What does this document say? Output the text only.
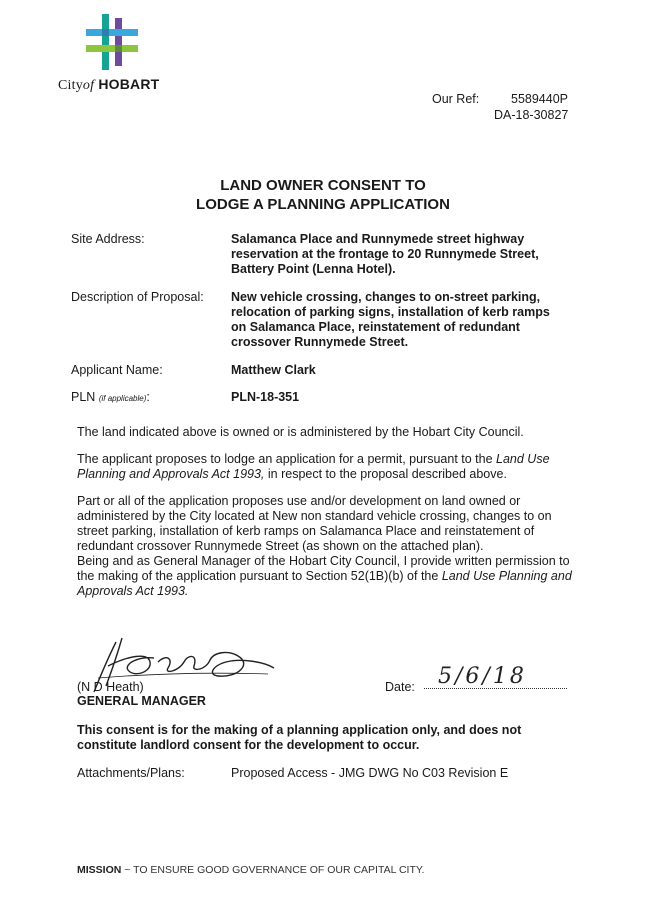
Cityof HOBART
Our Ref:	5589440P
DA-18-30827
LAND OWNER CONSENT TO
LODGE A PLANNING APPLICATION
Site Address:	Salamanca Place and Runnymede street highway reservation at the frontage to 20 Runnymede Street, Battery Point (Lenna Hotel).
Description of Proposal: New vehicle crossing, changes to on-street parking, relocation of parking signs, installation of kerb ramps on Salamanca Place, reinstatement of redundant crossover Runnymede Street.
Applicant Name:	Matthew Clark
PLN (if applicable):	PLN-18-351
The land indicated above is owned or is administered by the Hobart City Council.
The applicant proposes to lodge an application for a permit, pursuant to the Land Use Planning and Approvals Act 1993, in respect to the proposal described above.
Part or all of the application proposes use and/or development on land owned or administered by the City located at New non standard vehicle crossing, changes to on street parking, installation of kerb ramps on Salamanca Place and reinstatement of redundant crossover Runnymede Street (as shown on the attached plan).
Being and as General Manager of the Hobart City Council, I provide written permission to the making of the application pursuant to Section 52(1B)(b) of the Land Use Planning and Approvals Act 1993.
(N D Heath)
GENERAL MANAGER
Date: 5/6/18
This consent is for the making of a planning application only, and does not constitute landlord consent for the development to occur.
Attachments/Plans:	Proposed Access - JMG DWG No C03 Revision E
MISSION ~ TO ENSURE GOOD GOVERNANCE OF OUR CAPITAL CITY.
